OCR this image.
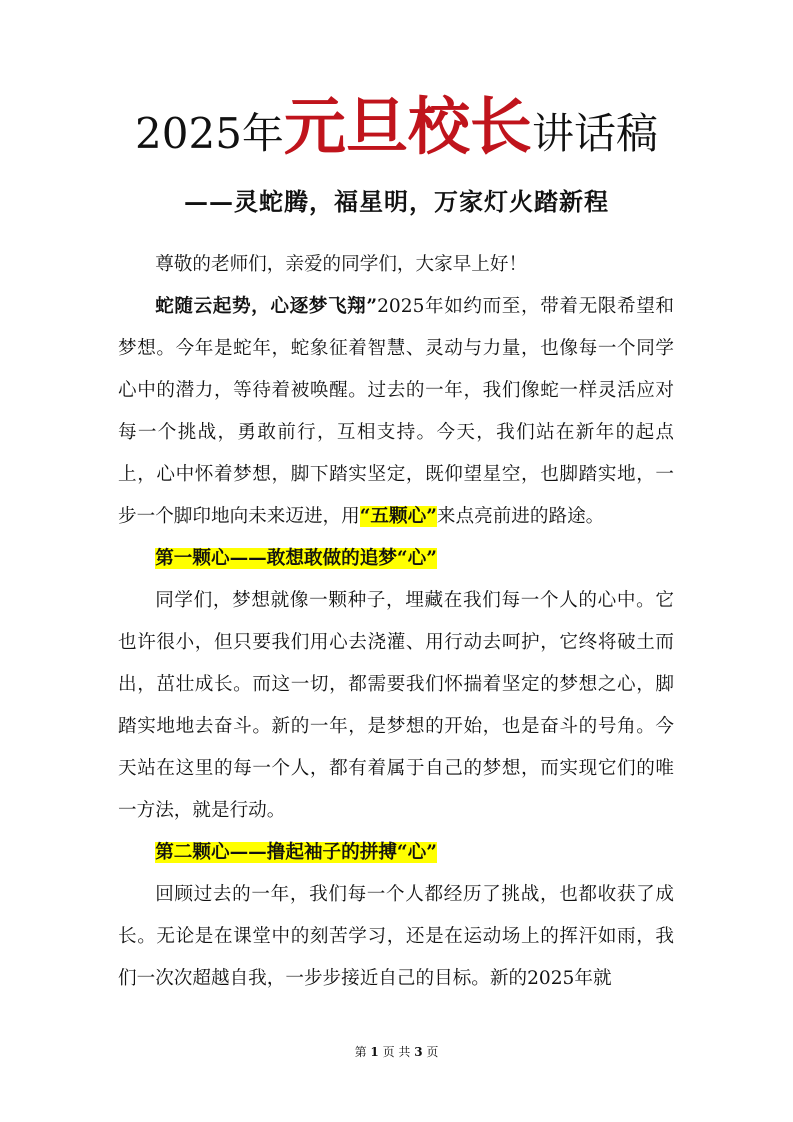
2025年元旦校长讲话稿
——灵蛇腾，福星明，万家灯火踏新程

尊敬的老师们，亲爱的同学们，大家早上好！

蛇随云起势，心逐梦飞翔”2025年如约而至，带着无限希望和梦想。今年是蛇年，蛇象征着智慧、灵动与力量，也像每一个同学心中的潜力，等待着被唤醒。过去的一年，我们像蛇一样灵活应对每一个挑战，勇敢前行，互相支持。今天，我们站在新年的起点上，心中怀着梦想，脚下踏实坚定，既仰望星空，也脚踏实地，一步一个脚印地向未来迈进，用“五颗心”来点亮前进的路途。

第一颗心——敢想敢做的追梦“心”

同学们，梦想就像一颗种子，埋藏在我们每一个人的心中。它也许很小，但只要我们用心去浇灌、用行动去呵护，它终将破土而出，茁壮成长。而这一切，都需要我们怀揣着坚定的梦想之心，脚踏实地地去奋斗。新的一年，是梦想的开始，也是奋斗的号角。今天站在这里的每一个人，都有着属于自己的梦想，而实现它们的唯一方法，就是行动。

第二颗心——撸起袖子的拼搏“心”

回顾过去的一年，我们每一个人都经历了挑战，也都收获了成长。无论是在课堂中的刻苦学习，还是在运动场上的挥汗如雨，我们一次次超越自我，一步步接近自己的目标。新的2025年就

第 1 页 共 3 页
